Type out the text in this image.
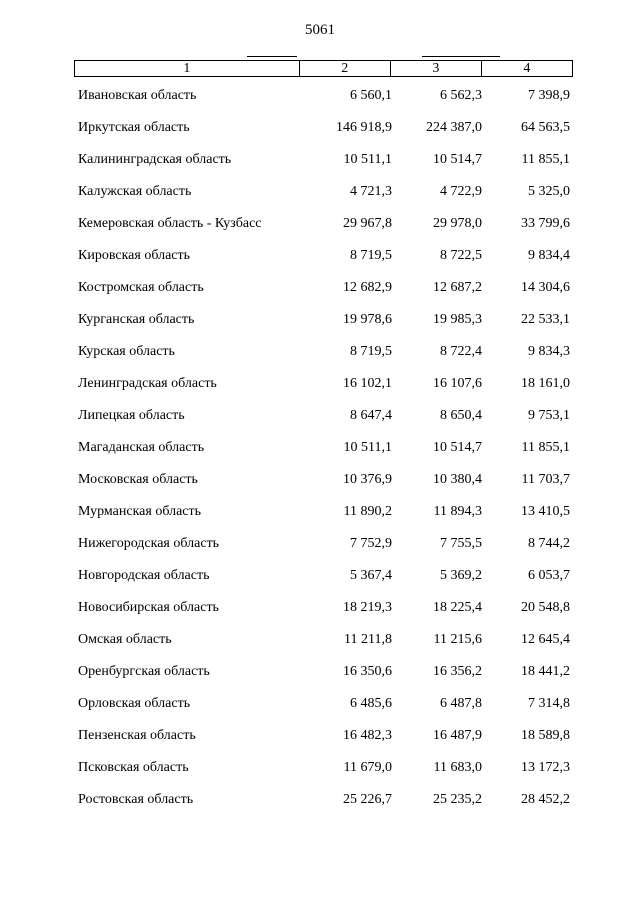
5061
1	2	3	4
Ивановская область	6 560,1	6 562,3	7 398,9
Иркутская область	146 918,9	224 387,0	64 563,5
Калининградская область	10 511,1	10 514,7	11 855,1
Калужская область	4 721,3	4 722,9	5 325,0
Кемеровская область - Кузбасс	29 967,8	29 978,0	33 799,6
Кировская область	8 719,5	8 722,5	9 834,4
Костромская область	12 682,9	12 687,2	14 304,6
Курганская область	19 978,6	19 985,3	22 533,1
Курская область	8 719,5	8 722,4	9 834,3
Ленинградская область	16 102,1	16 107,6	18 161,0
Липецкая область	8 647,4	8 650,4	9 753,1
Магаданская область	10 511,1	10 514,7	11 855,1
Московская область	10 376,9	10 380,4	11 703,7
Мурманская область	11 890,2	11 894,3	13 410,5
Нижегородская область	7 752,9	7 755,5	8 744,2
Новгородская область	5 367,4	5 369,2	6 053,7
Новосибирская область	18 219,3	18 225,4	20 548,8
Омская область	11 211,8	11 215,6	12 645,4
Оренбургская область	16 350,6	16 356,2	18 441,2
Орловская область	6 485,6	6 487,8	7 314,8
Пензенская область	16 482,3	16 487,9	18 589,8
Псковская область	11 679,0	11 683,0	13 172,3
Ростовская область	25 226,7	25 235,2	28 452,2
